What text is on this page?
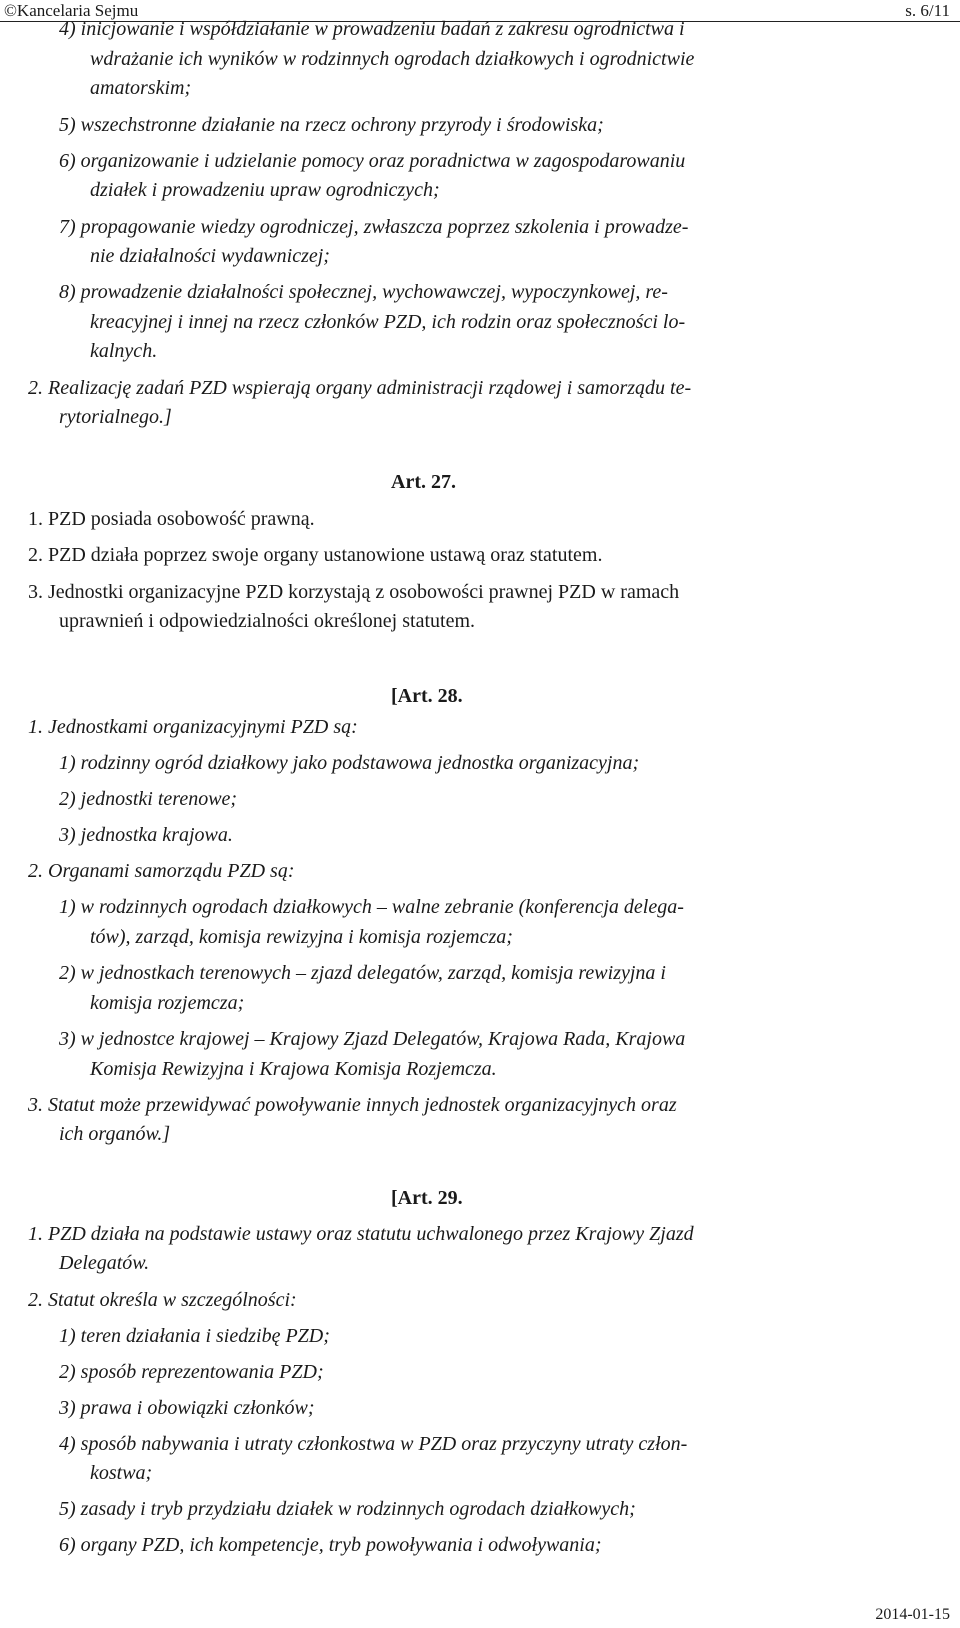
©Kancelaria Sejmu	s. 6/11
4) inicjowanie i współdziałanie w prowadzeniu badań z zakresu ogrodnictwa i
wdrażanie ich wyników w rodzinnych ogrodach działkowych i ogrodnictwie
amatorskim;
5) wszechstronne działanie na rzecz ochrony przyrody i środowiska;
6) organizowanie i udzielanie pomocy oraz poradnictwa w zagospodarowaniu
działek i prowadzeniu upraw ogrodniczych;
7) propagowanie wiedzy ogrodniczej, zwłaszcza poprzez szkolenia i prowadze-
nie działalności wydawniczej;
8) prowadzenie działalności społecznej, wychowawczej, wypoczynkowej, re-
kreacyjnej i innej na rzecz członków PZD, ich rodzin oraz społeczności lo-
kalnych.
2. Realizację zadań PZD wspierają organy administracji rządowej i samorządu te-
rytorialnego.]
Art. 27.
1. PZD posiada osobowość prawną.
2. PZD działa poprzez swoje organy ustanowione ustawą oraz statutem.
3. Jednostki organizacyjne PZD korzystają z osobowości prawnej PZD w ramach
uprawnień i odpowiedzialności określonej statutem.
[Art. 28.
1. Jednostkami organizacyjnymi PZD są:
1) rodzinny ogród działkowy jako podstawowa jednostka organizacyjna;
2) jednostki terenowe;
3) jednostka krajowa.
2. Organami samorządu PZD są:
1) w rodzinnych ogrodach działkowych – walne zebranie (konferencja delega-
tów), zarząd, komisja rewizyjna i komisja rozjemcza;
2) w jednostkach terenowych – zjazd delegatów, zarząd, komisja rewizyjna i
komisja rozjemcza;
3) w jednostce krajowej – Krajowy Zjazd Delegatów, Krajowa Rada, Krajowa
Komisja Rewizyjna i Krajowa Komisja Rozjemcza.
3. Statut może przewidywać powoływanie innych jednostek organizacyjnych oraz
ich organów.]
[Art. 29.
1. PZD działa na podstawie ustawy oraz statutu uchwalonego przez Krajowy Zjazd
Delegatów.
2. Statut określa w szczególności:
1) teren działania i siedzibę PZD;
2) sposób reprezentowania PZD;
3) prawa i obowiązki członków;
4) sposób nabywania i utraty członkostwa w PZD oraz przyczyny utraty człon-
kostwa;
5) zasady i tryb przydziału działek w rodzinnych ogrodach działkowych;
6) organy PZD, ich kompetencje, tryb powoływania i odwoływania;
2014-01-15
